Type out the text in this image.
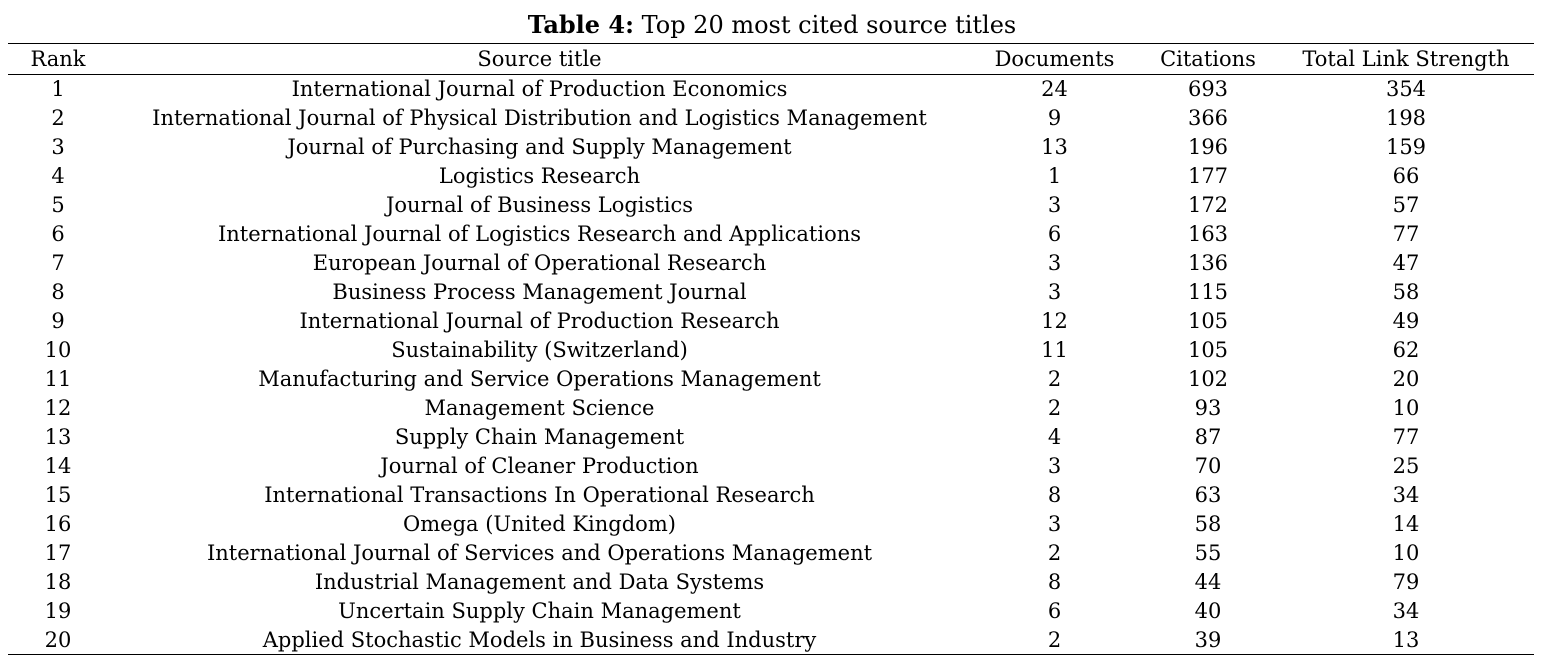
Table 4: Top 20 most cited source titles
Rank	Source title	Documents	Citations	Total Link Strength
1	International Journal of Production Economics	24	693	354
2	International Journal of Physical Distribution and Logistics Management	9	366	198
3	Journal of Purchasing and Supply Management	13	196	159
4	Logistics Research	1	177	66
5	Journal of Business Logistics	3	172	57
6	International Journal of Logistics Research and Applications	6	163	77
7	European Journal of Operational Research	3	136	47
8	Business Process Management Journal	3	115	58
9	International Journal of Production Research	12	105	49
10	Sustainability (Switzerland)	11	105	62
11	Manufacturing and Service Operations Management	2	102	20
12	Management Science	2	93	10
13	Supply Chain Management	4	87	77
14	Journal of Cleaner Production	3	70	25
15	International Transactions In Operational Research	8	63	34
16	Omega (United Kingdom)	3	58	14
17	International Journal of Services and Operations Management	2	55	10
18	Industrial Management and Data Systems	8	44	79
19	Uncertain Supply Chain Management	6	40	34
20	Applied Stochastic Models in Business and Industry	2	39	13
